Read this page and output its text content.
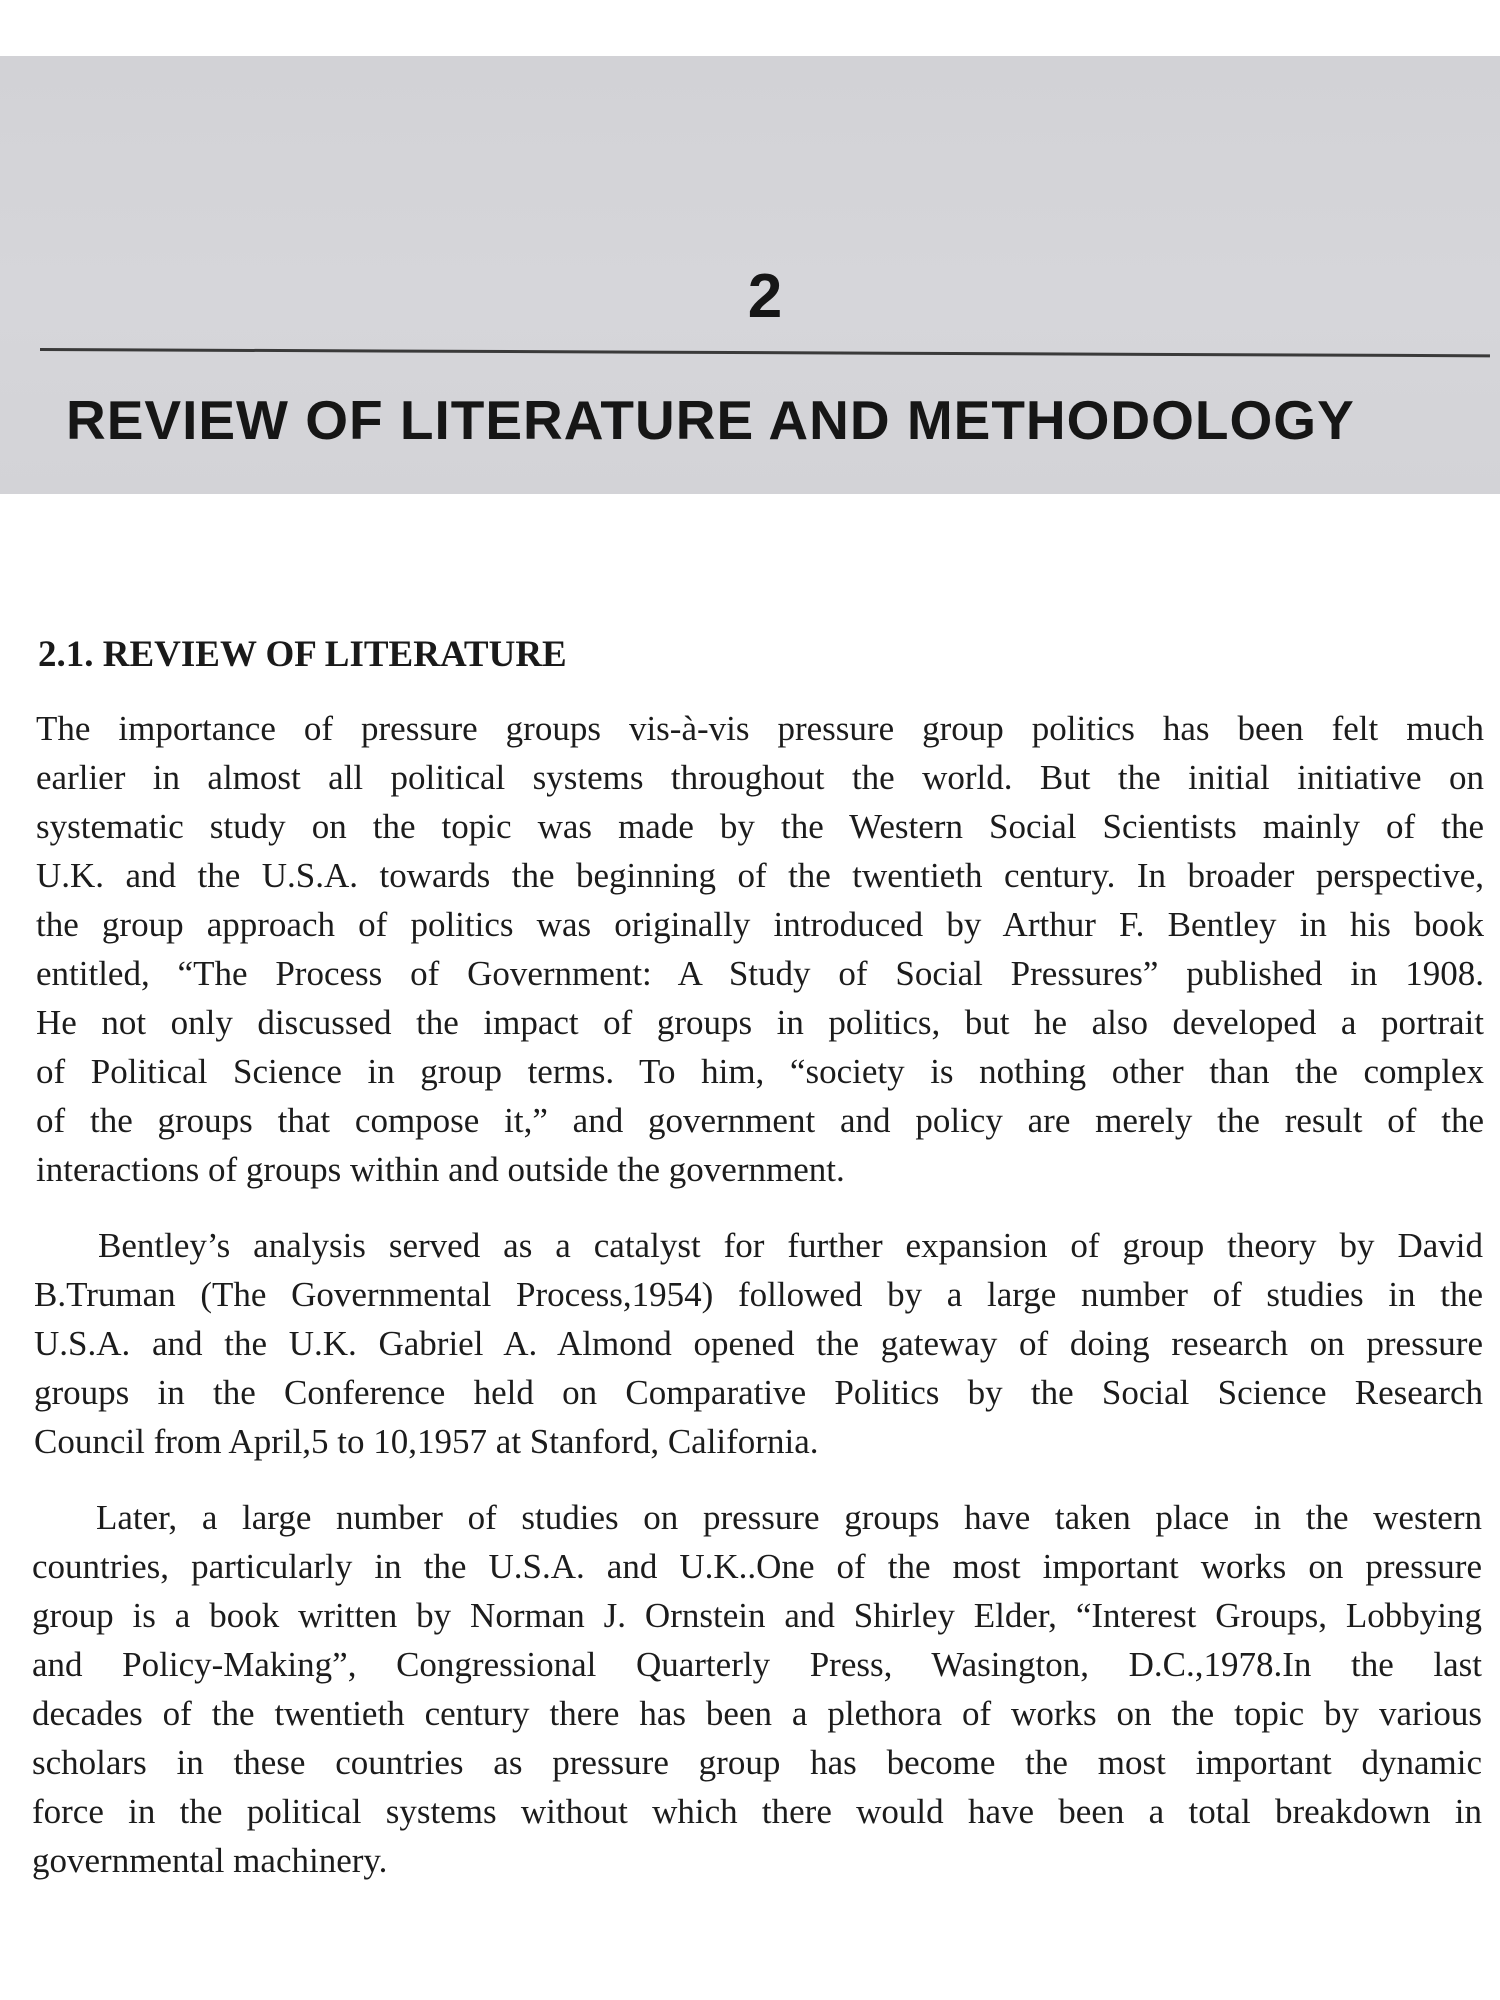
2
REVIEW OF LITERATURE AND METHODOLOGY
2.1. REVIEW OF LITERATURE
The importance of pressure groups vis-à-vis pressure group politics has been felt much
earlier in almost all political systems throughout the world. But the initial initiative on
systematic study on the topic was made by the Western Social Scientists mainly of the
U.K. and the U.S.A. towards the beginning of the twentieth century. In broader perspective,
the group approach of politics was originally introduced by Arthur F. Bentley in his book
entitled, “The Process of Government: A Study of Social Pressures” published in 1908.
He not only discussed the impact of groups in politics, but he also developed a portrait
of Political Science in group terms. To him, “society is nothing other than the complex
of the groups that compose it,” and government and policy are merely the result of the
interactions of groups within and outside the government.
Bentley’s analysis served as a catalyst for further expansion of group theory by David
B.Truman (The Governmental Process,1954) followed by a large number of studies in the
U.S.A. and the U.K. Gabriel A. Almond opened the gateway of doing research on pressure
groups in the Conference held on Comparative Politics by the Social Science Research
Council from April,5 to 10,1957 at Stanford, California.
Later, a large number of studies on pressure groups have taken place in the western
countries, particularly in the U.S.A. and U.K..One of the most important works on pressure
group is a book written by Norman J. Ornstein and Shirley Elder, “Interest Groups, Lobbying
and Policy-Making”, Congressional Quarterly Press, Wasington, D.C.,1978.In the last
decades of the twentieth century there has been a plethora of works on the topic by various
scholars in these countries as pressure group has become the most important dynamic
force in the political systems without which there would have been a total breakdown in
governmental machinery.
